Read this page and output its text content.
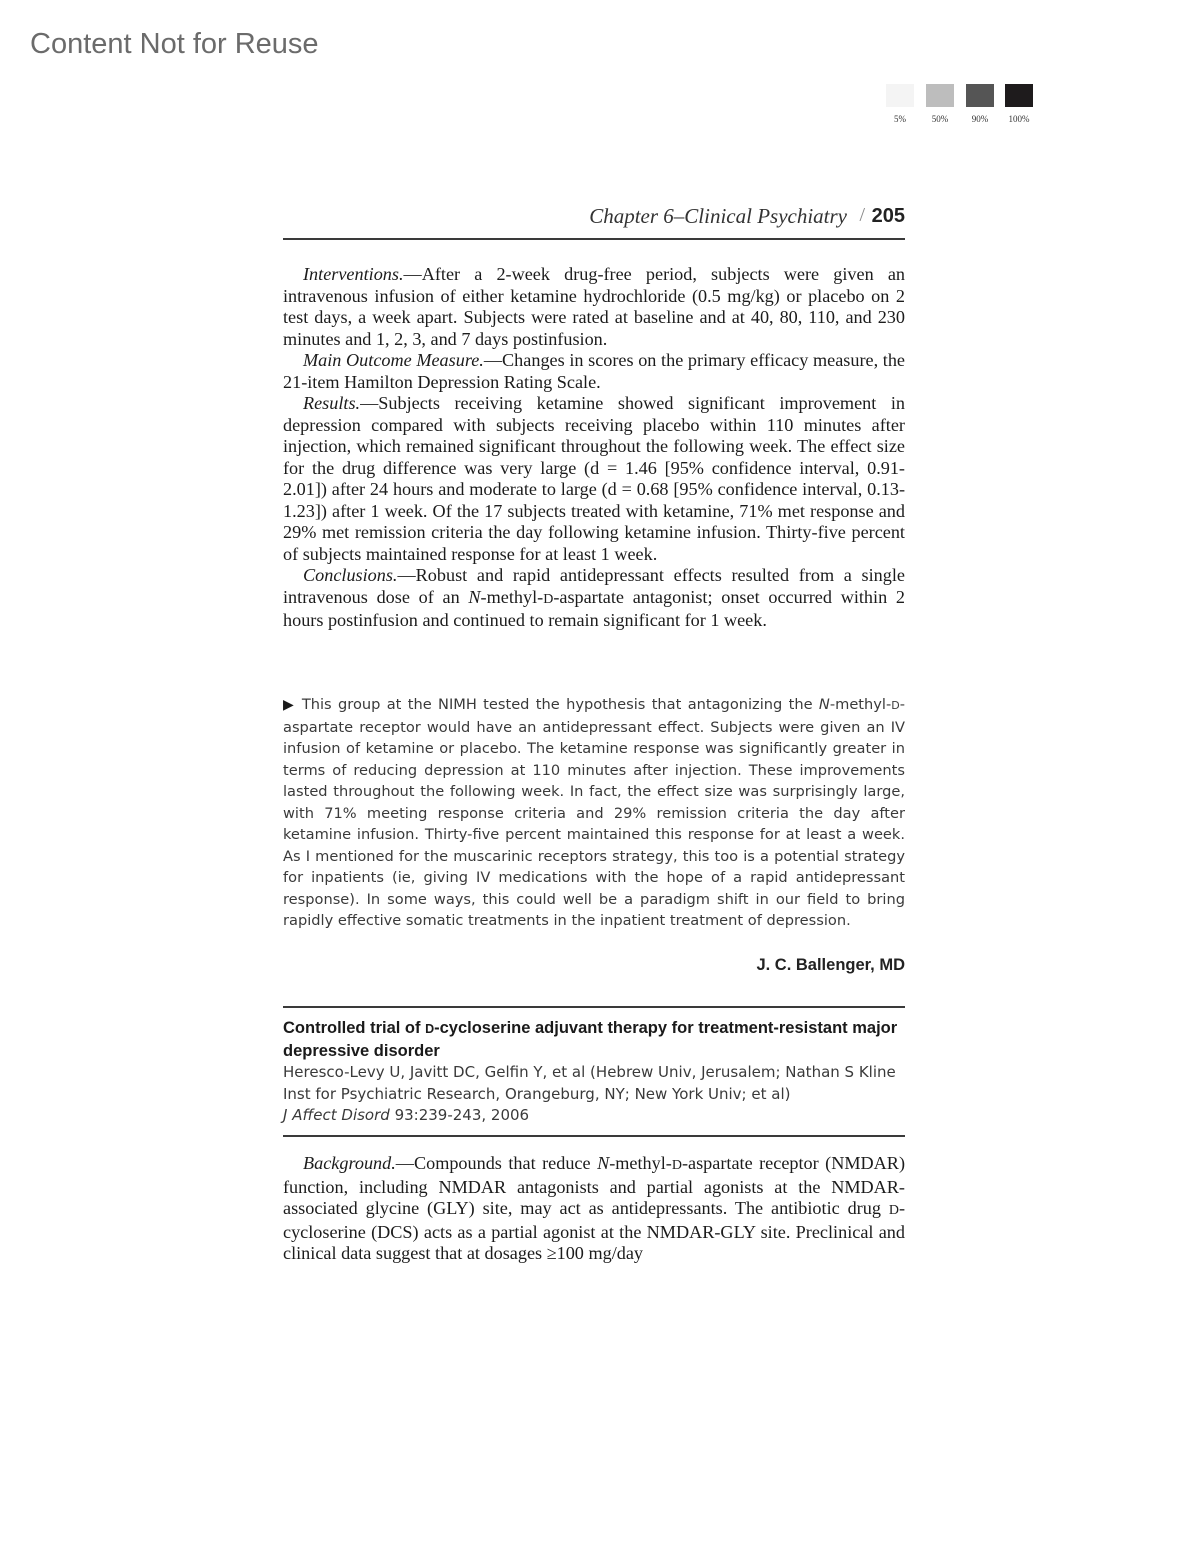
Content Not for Reuse
5%	50%	90%	100%
Chapter 6–Clinical Psychiatry / 205

Interventions.—After a 2-week drug-free period, subjects were given an intravenous infusion of either ketamine hydrochloride (0.5 mg/kg) or placebo on 2 test days, a week apart. Subjects were rated at baseline and at 40, 80, 110, and 230 minutes and 1, 2, 3, and 7 days postinfusion.

Main Outcome Measure.—Changes in scores on the primary efficacy measure, the 21-item Hamilton Depression Rating Scale.

Results.—Subjects receiving ketamine showed significant improvement in depression compared with subjects receiving placebo within 110 minutes after injection, which remained significant throughout the following week. The effect size for the drug difference was very large (d = 1.46 [95% confidence interval, 0.91-2.01]) after 24 hours and moderate to large (d = 0.68 [95% confidence interval, 0.13-1.23]) after 1 week. Of the 17 subjects treated with ketamine, 71% met response and 29% met remission criteria the day following ketamine infusion. Thirty-five percent of subjects maintained response for at least 1 week.

Conclusions.—Robust and rapid antidepressant effects resulted from a single intravenous dose of an N-methyl-D-aspartate antagonist; onset occurred within 2 hours postinfusion and continued to remain significant for 1 week.

▶ This group at the NIMH tested the hypothesis that antagonizing the N-methyl-D-aspartate receptor would have an antidepressant effect. Subjects were given an IV infusion of ketamine or placebo. The ketamine response was significantly greater in terms of reducing depression at 110 minutes after injection. These improvements lasted throughout the following week. In fact, the effect size was surprisingly large, with 71% meeting response criteria and 29% remission criteria the day after ketamine infusion. Thirty-five percent maintained this response for at least a week. As I mentioned for the muscarinic receptors strategy, this too is a potential strategy for inpatients (ie, giving IV medications with the hope of a rapid antidepressant response). In some ways, this could well be a paradigm shift in our field to bring rapidly effective somatic treatments in the inpatient treatment of depression.

J. C. Ballenger, MD
Controlled trial of D-cycloserine adjuvant therapy for treatment-resistant major depressive disorder
Heresco-Levy U, Javitt DC, Gelfin Y, et al (Hebrew Univ, Jerusalem; Nathan S Kline Inst for Psychiatric Research, Orangeburg, NY; New York Univ; et al)
J Affect Disord 93:239-243, 2006

Background.—Compounds that reduce N-methyl-D-aspartate receptor (NMDAR) function, including NMDAR antagonists and partial agonists at the NMDAR-associated glycine (GLY) site, may act as antidepressants. The antibiotic drug D-cycloserine (DCS) acts as a partial agonist at the NMDAR-GLY site. Preclinical and clinical data suggest that at dosages ≥100 mg/day
